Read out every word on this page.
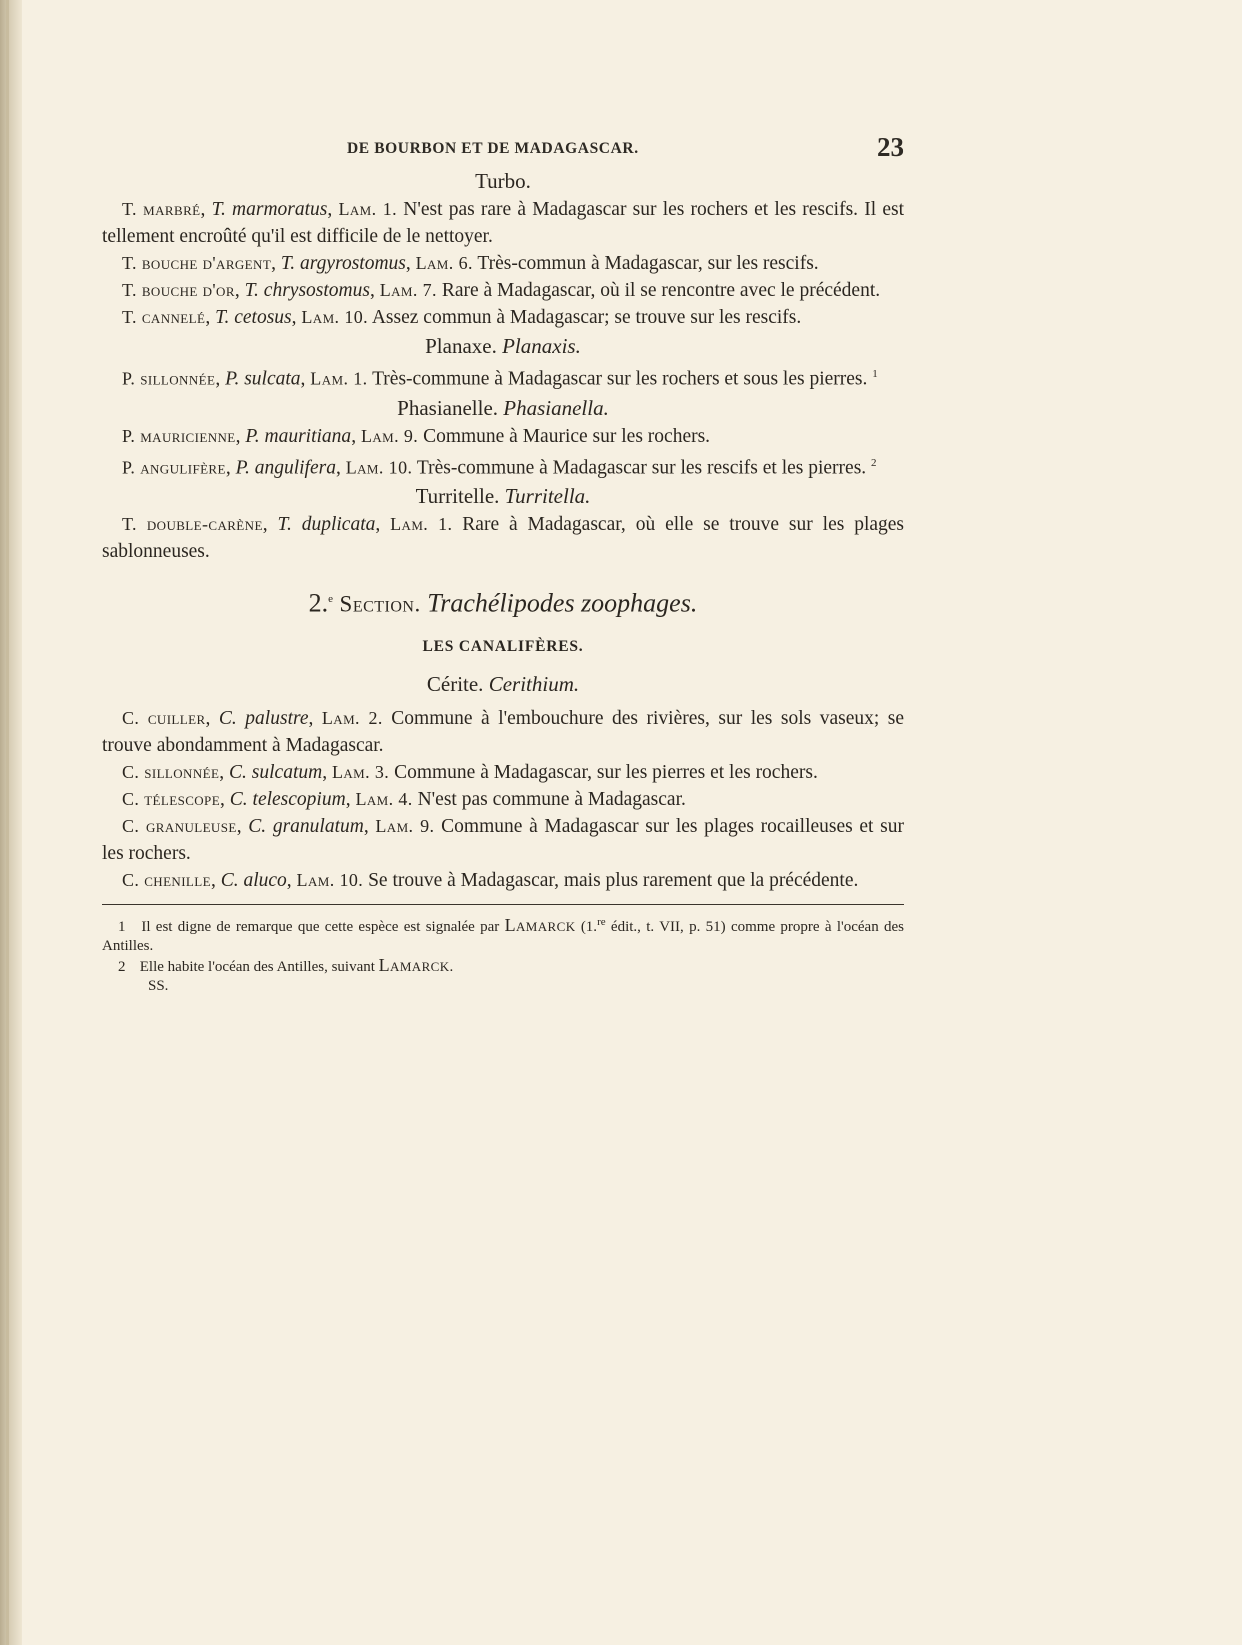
DE BOURBON ET DE MADAGASCAR.	23

Turbo.

T. marbré, T. marmoratus, Lam. 1. N'est pas rare à Madagascar sur les rochers et les rescifs. Il est tellement encroûté qu'il est difficile de le nettoyer.

T. bouche d'argent, T. argyrostomus, Lam. 6. Très-commun à Madagascar, sur les rescifs.

T. bouche d'or, T. chrysostomus, Lam. 7. Rare à Madagascar, où il se rencontre avec le précédent.

T. cannelé, T. cetosus, Lam. 10. Assez commun à Madagascar; se trouve sur les rescifs.

Planaxe. Planaxis.

P. sillonnée, P. sulcata, Lam. 1. Très-commune à Madagascar sur les rochers et sous les pierres. $^1$

Phasianelle. Phasianella.

P. mauricienne, P. mauritiana, Lam. 9. Commune à Maurice sur les rochers.

P. angulifère, P. angulifera, Lam. 10. Très-commune à Madagascar sur les rescifs et les pierres. $^2$

Turritelle. Turritella.

T. double-carène, T. duplicata, Lam. 1. Rare à Madagascar, où elle se trouve sur les plages sablonneuses.

2.$^e$ Section. Trachélipodes zoophages.

LES CANALIFÈRES.

Cérite. Cerithium.

C. cuiller, C. palustre, Lam. 2. Commune à l'embouchure des rivières, sur les sols vaseux; se trouve abondamment à Madagascar.

C. sillonnée, C. sulcatum, Lam. 3. Commune à Madagascar, sur les pierres et les rochers.

C. télescope, C. telescopium, Lam. 4. N'est pas commune à Madagascar.

C. granuleuse, C. granulatum, Lam. 9. Commune à Madagascar sur les plages rocailleuses et sur les rochers.

C. chenille, C. aluco, Lam. 10. Se trouve à Madagascar, mais plus rarement que la précédente.

1 Il est digne de remarque que cette espèce est signalée par Lamarck (1.$^{re}$ édit., t. VII, p. 51) comme propre à l'océan des Antilles.

2 Elle habite l'océan des Antilles, suivant Lamarck.

SS.
